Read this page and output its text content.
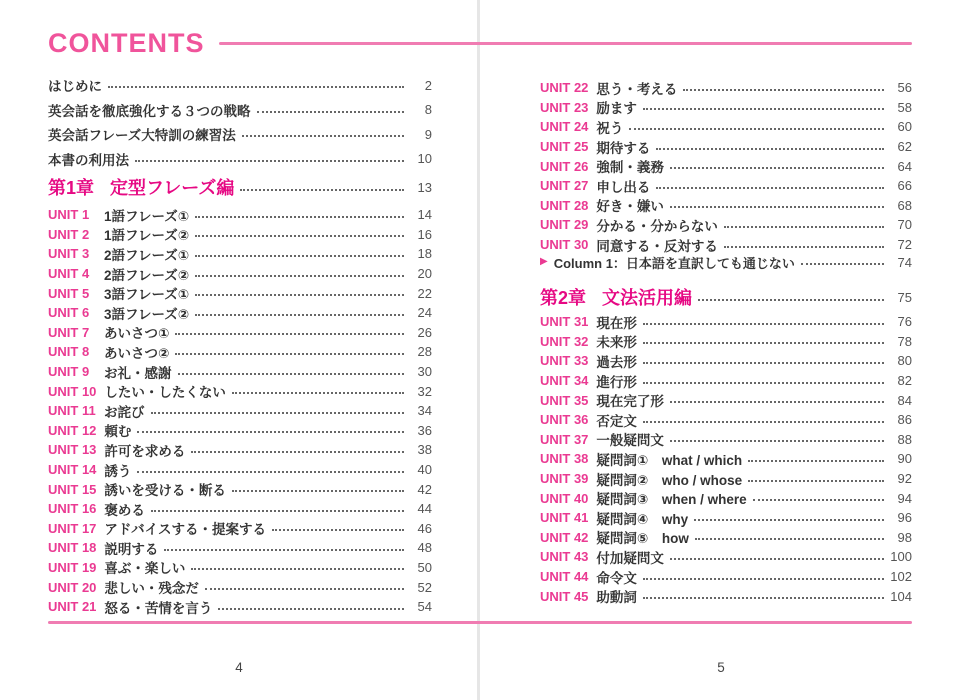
CONTENTS
はじめに	2
英会話を徹底強化する３つの戦略	8
英会話フレーズ大特訓の練習法	9
本書の利用法	10
第1章 定型フレーズ編	13
UNIT 1	1語フレーズ①	14
UNIT 2	1語フレーズ②	16
UNIT 3	2語フレーズ①	18
UNIT 4	2語フレーズ②	20
UNIT 5	3語フレーズ①	22
UNIT 6	3語フレーズ②	24
UNIT 7	あいさつ①	26
UNIT 8	あいさつ②	28
UNIT 9	お礼・感謝	30
UNIT 10 したい・したくない	32
UNIT 11 お詫び	34
UNIT 12 頼む	36
UNIT 13 許可を求める	38
UNIT 14 誘う	40
UNIT 15 誘いを受ける・断る	42
UNIT 16 褒める	44
UNIT 17 アドバイスする・提案する	46
UNIT 18 説明する	48
UNIT 19 喜ぶ・楽しい	50
UNIT 20 悲しい・残念だ	52
UNIT 21 怒る・苦情を言う	54
UNIT 22 思う・考える	56
UNIT 23 励ます	58
UNIT 24 祝う	60
UNIT 25 期待する	62
UNIT 26 強制・義務	64
UNIT 27 申し出る	66
UNIT 28 好き・嫌い	68
UNIT 29 分かる・分からない	70
UNIT 30 同意する・反対する	72
▶ Column 1：日本語を直訳しても通じない	74
第2章 文法活用編	75
UNIT 31 現在形	76
UNIT 32 未来形	78
UNIT 33 過去形	80
UNIT 34 進行形	82
UNIT 35 現在完了形	84
UNIT 36 否定文	86
UNIT 37 一般疑問文	88
UNIT 38 疑問詞①　what / which	90
UNIT 39 疑問詞②　who / whose	92
UNIT 40 疑問詞③　when / where	94
UNIT 41 疑問詞④　why	96
UNIT 42 疑問詞⑤　how	98
UNIT 43 付加疑問文	100
UNIT 44 命令文	102
UNIT 45 助動詞	104
4	5
